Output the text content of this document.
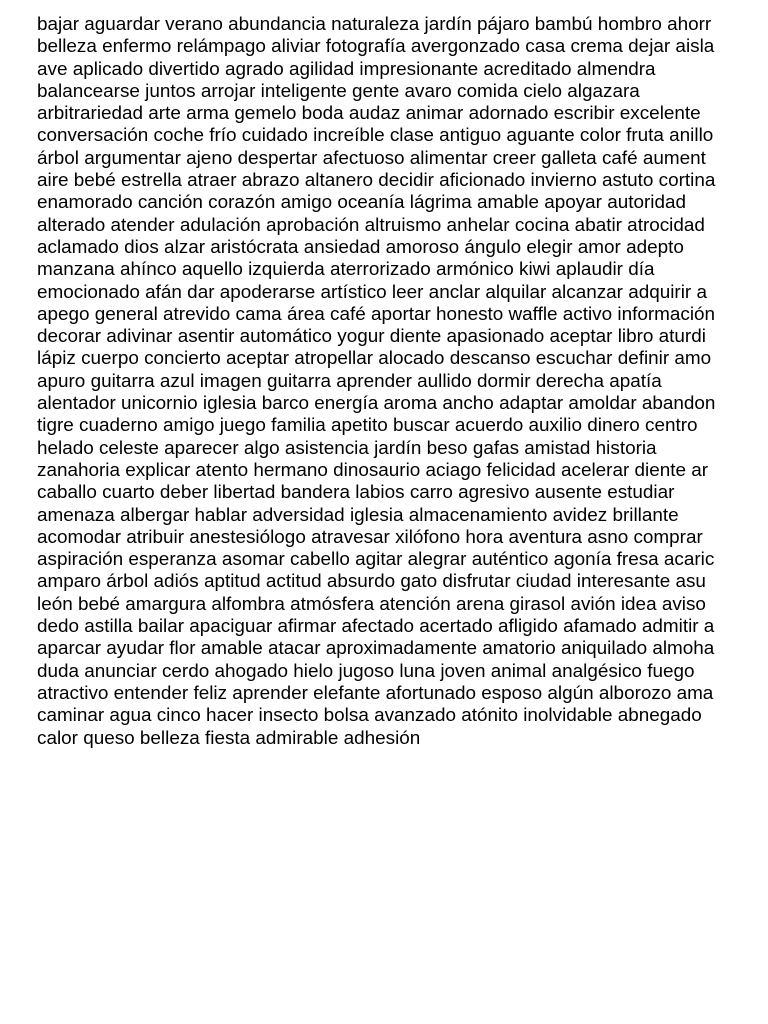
bajar aguardar verano abundancia naturaleza jardín pájaro bambú hombro ahorr
belleza enfermo relámpago aliviar fotografía avergonzado casa crema dejar aisla
ave aplicado divertido agrado agilidad impresionante acreditado almendra
balancearse juntos arrojar inteligente gente avaro comida cielo algazara
arbitrariedad arte arma gemelo boda audaz animar adornado escribir excelente
conversación coche frío cuidado increíble clase antiguo aguante color fruta anillo
árbol argumentar ajeno despertar afectuoso alimentar creer galleta café aument
aire bebé estrella atraer abrazo altanero decidir aficionado invierno astuto cortina
enamorado canción corazón amigo oceanía lágrima amable apoyar autoridad
alterado atender adulación aprobación altruismo anhelar cocina abatir atrocidad
aclamado dios alzar aristócrata ansiedad amoroso ángulo elegir amor adepto
manzana ahínco aquello izquierda aterrorizado armónico kiwi aplaudir día
emocionado afán dar apoderarse artístico leer anclar alquilar alcanzar adquirir a
apego general atrevido cama área café aportar honesto waffle activo información
decorar adivinar asentir automático yogur diente apasionado aceptar libro aturdi
lápiz cuerpo concierto aceptar atropellar alocado descanso escuchar definir amo
apuro guitarra azul imagen guitarra aprender aullido dormir derecha apatía
alentador unicornio iglesia barco energía aroma ancho adaptar amoldar abandon
tigre cuaderno amigo juego familia apetito buscar acuerdo auxilio dinero centro
helado celeste aparecer algo asistencia jardín beso gafas amistad historia
zanahoria explicar atento hermano dinosaurio aciago felicidad acelerar diente ar
caballo cuarto deber libertad bandera labios carro agresivo ausente estudiar
amenaza albergar hablar adversidad iglesia almacenamiento avidez brillante
acomodar atribuir anestesiólogo atravesar xilófono hora aventura asno comprar
aspiración esperanza asomar cabello agitar alegrar auténtico agonía fresa acaric
amparo árbol adiós aptitud actitud absurdo gato disfrutar ciudad interesante asu
león bebé amargura alfombra atmósfera atención arena girasol avión idea aviso
dedo astilla bailar apaciguar afirmar afectado acertado afligido afamado admitir a
aparcar ayudar flor amable atacar aproximadamente amatorio aniquilado almoha
duda anunciar cerdo ahogado hielo jugoso luna joven animal analgésico fuego
atractivo entender feliz aprender elefante afortunado esposo algún alborozo ama
caminar agua cinco hacer insecto bolsa avanzado atónito inolvidable abnegado
calor queso belleza fiesta admirable adhesión
